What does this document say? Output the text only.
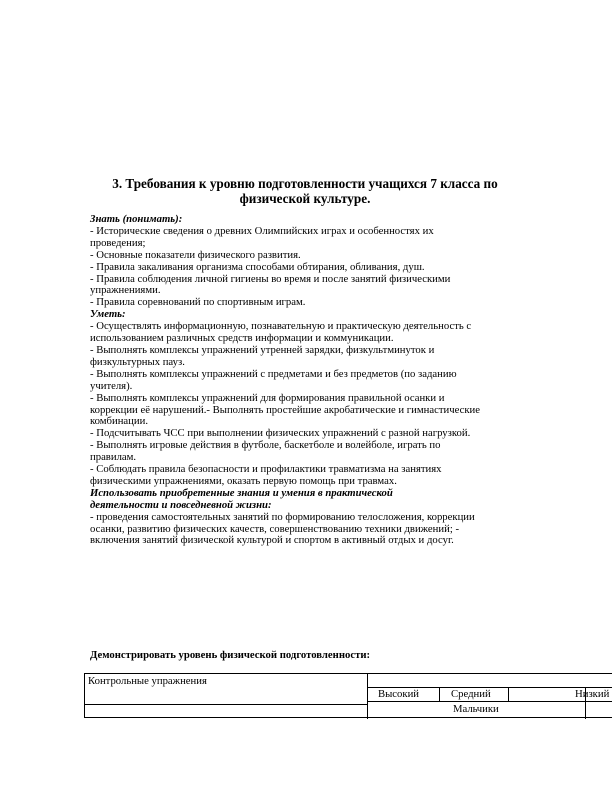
3. Требования к уровню подготовленности учащихся 7 класса по
физической культуре.
Знать (понимать):
- Исторические сведения о древних Олимпийских играх и особенностях их
проведения;
- Основные показатели физического развития.
- Правила закаливания организма способами обтирания, обливания, душ.
- Правила соблюдения личной гигиены во время и после занятий физическими
упражнениями.
- Правила соревнований по спортивным играм.
Уметь:
- Осуществлять информационную, познавательную и практическую деятельность с
использованием различных средств информации и коммуникации.
- Выполнять комплексы упражнений утренней зарядки, физкультминуток и
физкультурных пауз.
- Выполнять комплексы упражнений с предметами и без предметов (по заданию
учителя).
- Выполнять комплексы упражнений для формирования правильной осанки и
коррекции её нарушений.- Выполнять простейшие акробатические и гимнастические
комбинации.
- Подсчитывать ЧСС при выполнении физических упражнений с разной нагрузкой.
- Выполнять игровые действия в футболе, баскетболе и волейболе, играть по
правилам.
- Соблюдать правила безопасности и профилактики травматизма на занятиях
физическими упражнениями, оказать первую помощь при травмах.
Использовать приобретенные знания и умения в практической
деятельности и повседневной жизни:
- проведения самостоятельных занятий по формированию телосложения, коррекции
осанки, развитию физических качеств, совершенствованию техники движений; -
включения занятий физической культурой и спортом в активный отдых и досуг.
Демонстрировать уровень физической подготовленности:
Контрольные упражнения
Высокий	Средний	Низкий
Мальчики
